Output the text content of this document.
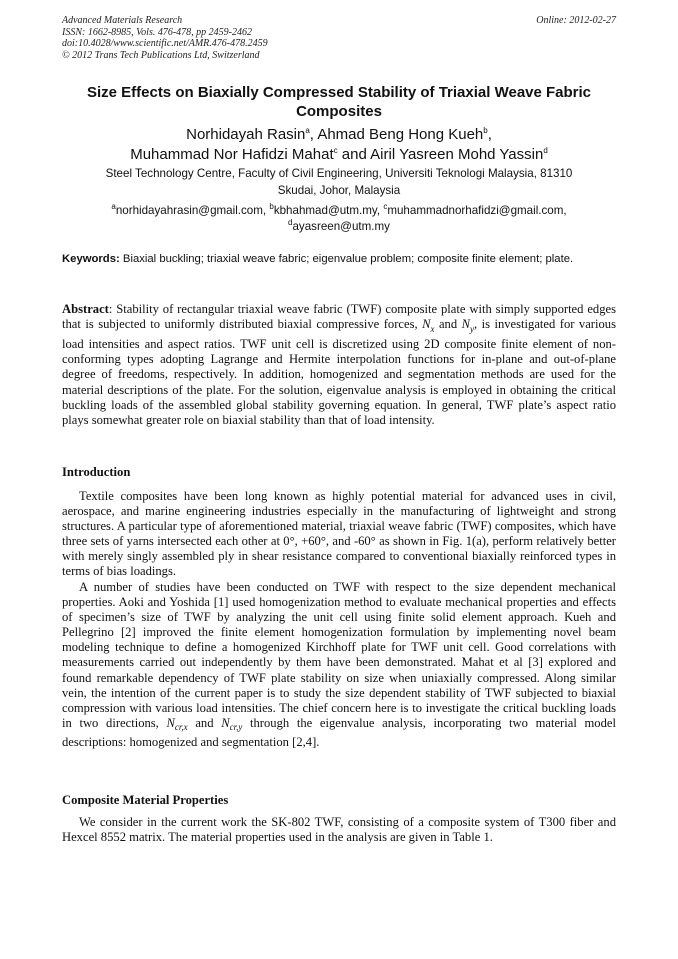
Advanced Materials Research
ISSN: 1662-8985, Vols. 476-478, pp 2459-2462
doi:10.4028/www.scientific.net/AMR.476-478.2459
© 2012 Trans Tech Publications Ltd, Switzerland
Online: 2012-02-27
Size Effects on Biaxially Compressed Stability of Triaxial Weave Fabric Composites
Norhidayah Rasin$^a$, Ahmad Beng Hong Kueh$^b$,
Muhammad Nor Hafidzi Mahat$^c$ and Airil Yasreen Mohd Yassin$^d$
Steel Technology Centre, Faculty of Civil Engineering, Universiti Teknologi Malaysia, 81310
Skudai, Johor, Malaysia
$^a$norhidayahrasin@gmail.com, $^b$kbhahmad@utm.my, $^c$muhammadnorhafidzi@gmail.com,
$^d$ayasreen@utm.my
Keywords: Biaxial buckling; triaxial weave fabric; eigenvalue problem; composite finite element; plate.
Abstract: Stability of rectangular triaxial weave fabric (TWF) composite plate with simply supported edges that is subjected to uniformly distributed biaxial compressive forces, $N_x$ and $N_y$, is investigated for various load intensities and aspect ratios. TWF unit cell is discretized using 2D composite finite element of non-conforming types adopting Lagrange and Hermite interpolation functions for in-plane and out-of-plane degree of freedoms, respectively. In addition, homogenized and segmentation methods are used for the material descriptions of the plate. For the solution, eigenvalue analysis is employed in obtaining the critical buckling loads of the assembled global stability governing equation. In general, TWF plate’s aspect ratio plays somewhat greater role on biaxial stability than that of load intensity.
Introduction
Textile composites have been long known as highly potential material for advanced uses in civil, aerospace, and marine engineering industries especially in the manufacturing of lightweight and strong structures. A particular type of aforementioned material, triaxial weave fabric (TWF) composites, which have three sets of yarns intersected each other at 0°, +60°, and -60° as shown in Fig. 1(a), perform relatively better with merely singly assembled ply in shear resistance compared to conventional biaxially reinforced types in terms of bias loadings.
A number of studies have been conducted on TWF with respect to the size dependent mechanical properties. Aoki and Yoshida [1] used homogenization method to evaluate mechanical properties and effects of specimen’s size of TWF by analyzing the unit cell using finite solid element approach. Kueh and Pellegrino [2] improved the finite element homogenization formulation by implementing novel beam modeling technique to define a homogenized Kirchhoff plate for TWF unit cell. Good correlations with measurements carried out independently by them have been demonstrated. Mahat et al [3] explored and found remarkable dependency of TWF plate stability on size when uniaxially compressed. Along similar vein, the intention of the current paper is to study the size dependent stability of TWF subjected to biaxial compression with various load intensities. The chief concern here is to investigate the critical buckling loads in two directions, $N_{cr,x}$ and $N_{cr,y}$ through the eigenvalue analysis, incorporating two material model descriptions: homogenized and segmentation [2,4].
Composite Material Properties
We consider in the current work the SK-802 TWF, consisting of a composite system of T300 fiber and Hexcel 8552 matrix. The material properties used in the analysis are given in Table 1.
